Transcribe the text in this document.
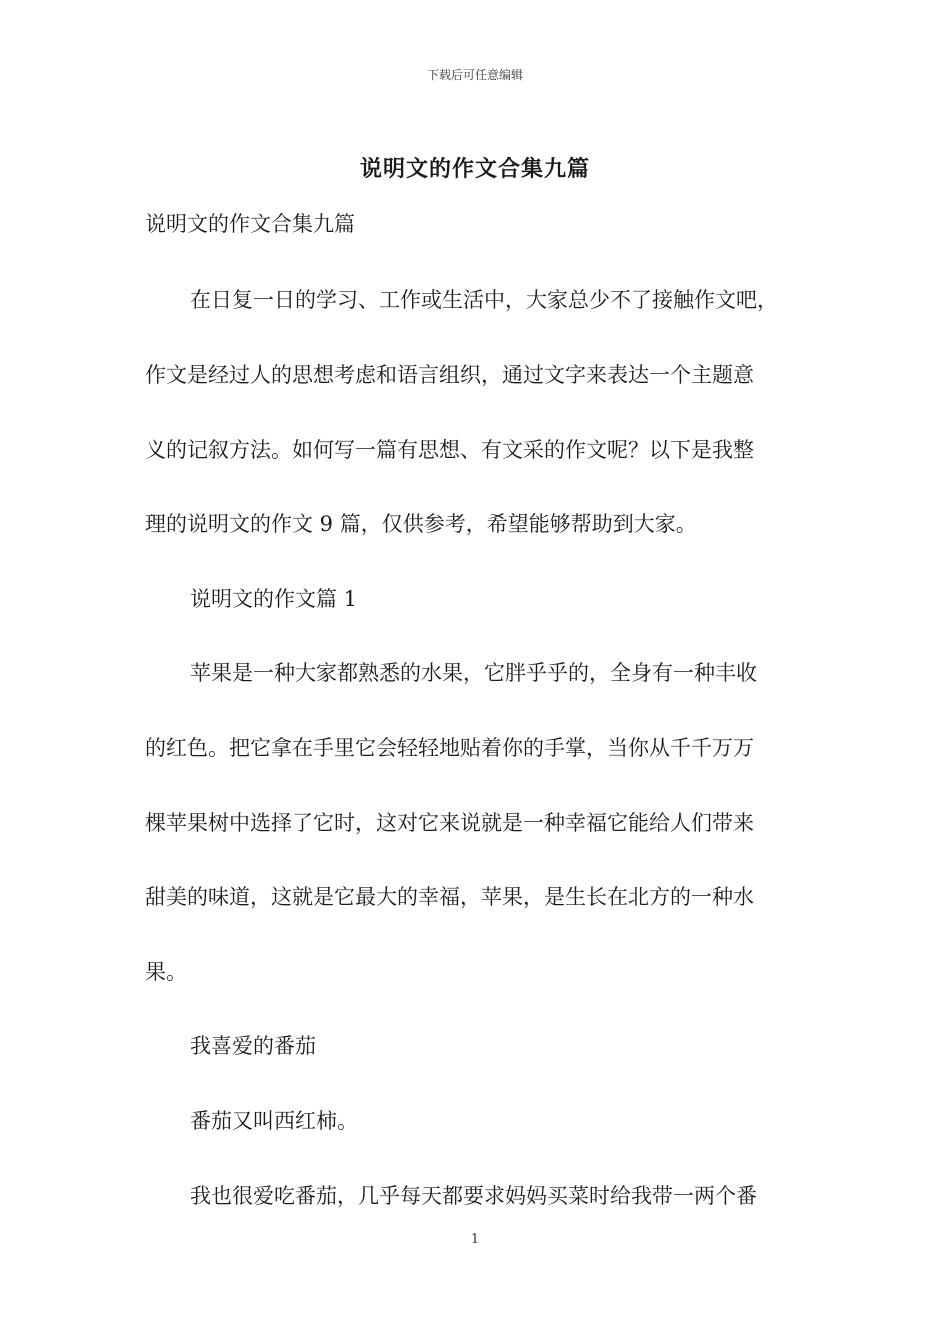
下载后可任意编辑
说明文的作文合集九篇

说明文的作文合集九篇

在日复一日的学习、工作或生活中，大家总少不了接触作文吧，

作文是经过人的思想考虑和语言组织，通过文字来表达一个主题意

义的记叙方法。如何写一篇有思想、有文采的作文呢？以下是我整

理的说明文的作文 9 篇，仅供参考，希望能够帮助到大家。

说明文的作文篇 1

苹果是一种大家都熟悉的水果，它胖乎乎的，全身有一种丰收

的红色。把它拿在手里它会轻轻地贴着你的手掌，当你从千千万万

棵苹果树中选择了它时，这对它来说就是一种幸福它能给人们带来

甜美的味道，这就是它最大的幸福，苹果，是生长在北方的一种水

果。

我喜爱的番茄

番茄又叫西红柿。

我也很爱吃番茄，几乎每天都要求妈妈买菜时给我带一两个番

1
